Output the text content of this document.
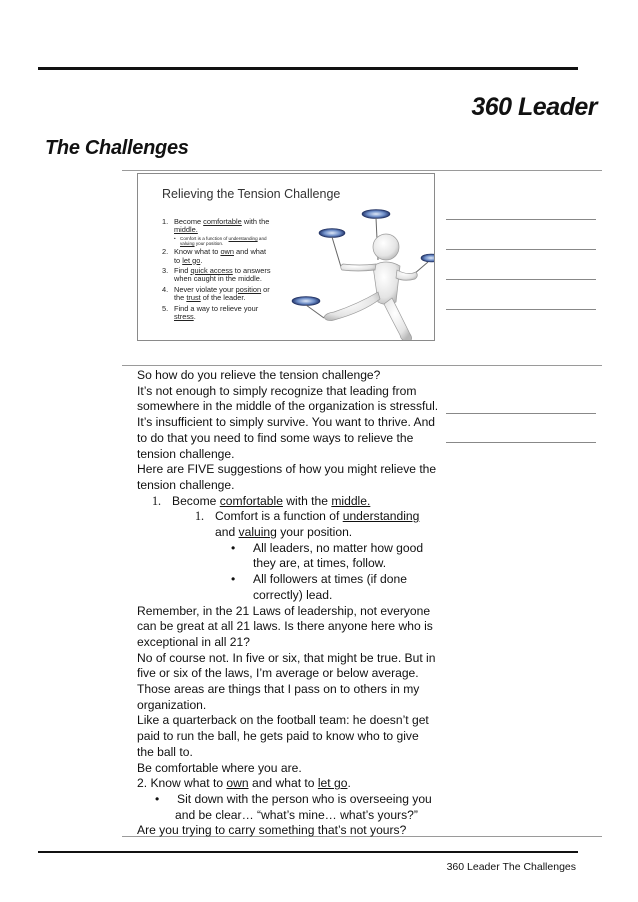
360 Leader
The Challenges
Relieving the Tension Challenge
1. Become comfortable with the
middle.
• Comfort is a function of understanding and
valuing your position.
2. Know what to own and what
to let go.
3. Find quick access to answers
when caught in the middle.
4. Never violate your position or
the trust of the leader.
5. Find a way to relieve your
stress.
So how do you relieve the tension challenge?
It’s not enough to simply recognize that leading from
somewhere in the middle of the organization is stressful.
It’s insufficient to simply survive. You want to thrive. And
to do that you need to find some ways to relieve the
tension challenge.
Here are FIVE suggestions of how you might relieve the
tension challenge.
1. Become comfortable with the middle.
1. Comfort is a function of understanding
and valuing your position.
• All leaders, no matter how good
they are, at times, follow.
• All followers at times (if done
correctly) lead.
Remember, in the 21 Laws of leadership, not everyone
can be great at all 21 laws. Is there anyone here who is
exceptional in all 21?
No of course not. In five or six, that might be true. But in
five or six of the laws, I’m average or below average.
Those areas are things that I pass on to others in my
organization.
Like a quarterback on the football team: he doesn’t get
paid to run the ball, he gets paid to know who to give
the ball to.
Be comfortable where you are.
2. Know what to own and what to let go.
• Sit down with the person who is overseeing you
and be clear… “what’s mine… what’s yours?”
Are you trying to carry something that’s not yours?
360 Leader The Challenges
